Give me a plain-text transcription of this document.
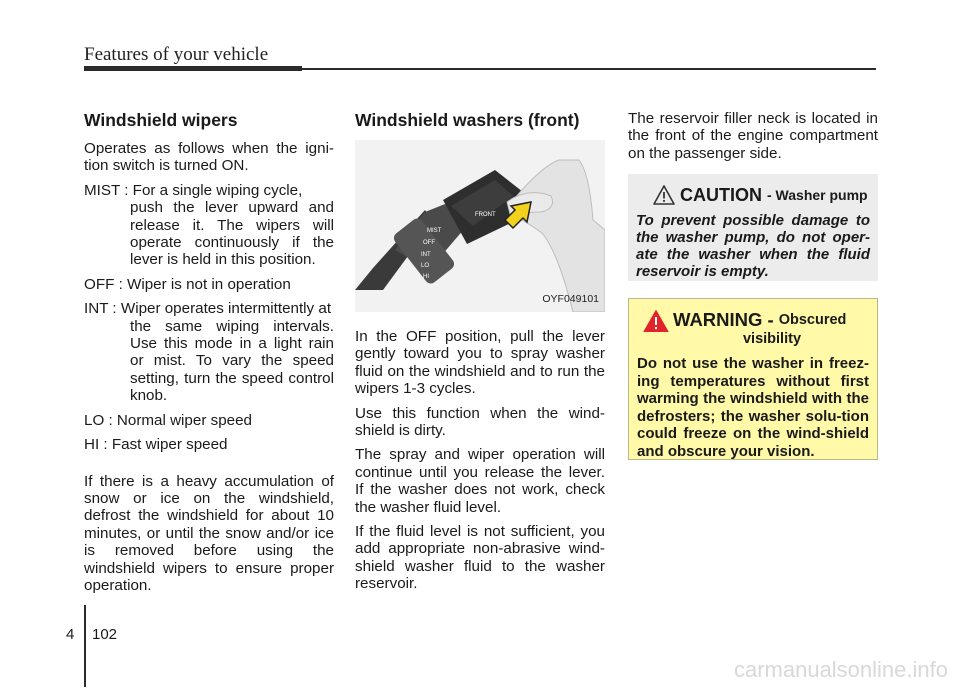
Features of your vehicle
Windshield wipers

Operates as follows when the igni-tion switch is turned ON.

MIST : For a single wiping cycle,
push the lever upward and release it. The wipers will operate continuously if the lever is held in this position.

OFF : Wiper is not in operation

INT : Wiper operates intermittently at
the same wiping intervals. Use this mode in a light rain or mist. To vary the speed setting, turn the speed control knob.

LO : Normal wiper speed

HI : Fast wiper speed

If there is a heavy accumulation of snow or ice on the windshield, defrost the windshield for about 10 minutes, or until the snow and/or ice is removed before using the windshield wipers to ensure proper operation.

Windshield washers (front)
MIST
OFF
INT
LO
HI
FRONT
OYF049101

In the OFF position, pull the lever gently toward you to spray washer fluid on the windshield and to run the wipers 1-3 cycles.

Use this function when the wind-shield is dirty.

The spray and wiper operation will continue until you release the lever. If the washer does not work, check the washer fluid level.

If the fluid level is not sufficient, you add appropriate non-abrasive wind-shield washer fluid to the washer reservoir.

The reservoir filler neck is located in the front of the engine compartment on the passenger side.

CAUTION - Washer pump
To prevent possible damage to the washer pump, do not oper-ate the washer when the fluid reservoir is empty.
WARNING - Obscured
visibility
Do not use the washer in freez-ing temperatures without first warming the windshield with the defrosters; the washer solu-tion could freeze on the wind-shield and obscure your vision.
4 102
carmanualsonline.info
